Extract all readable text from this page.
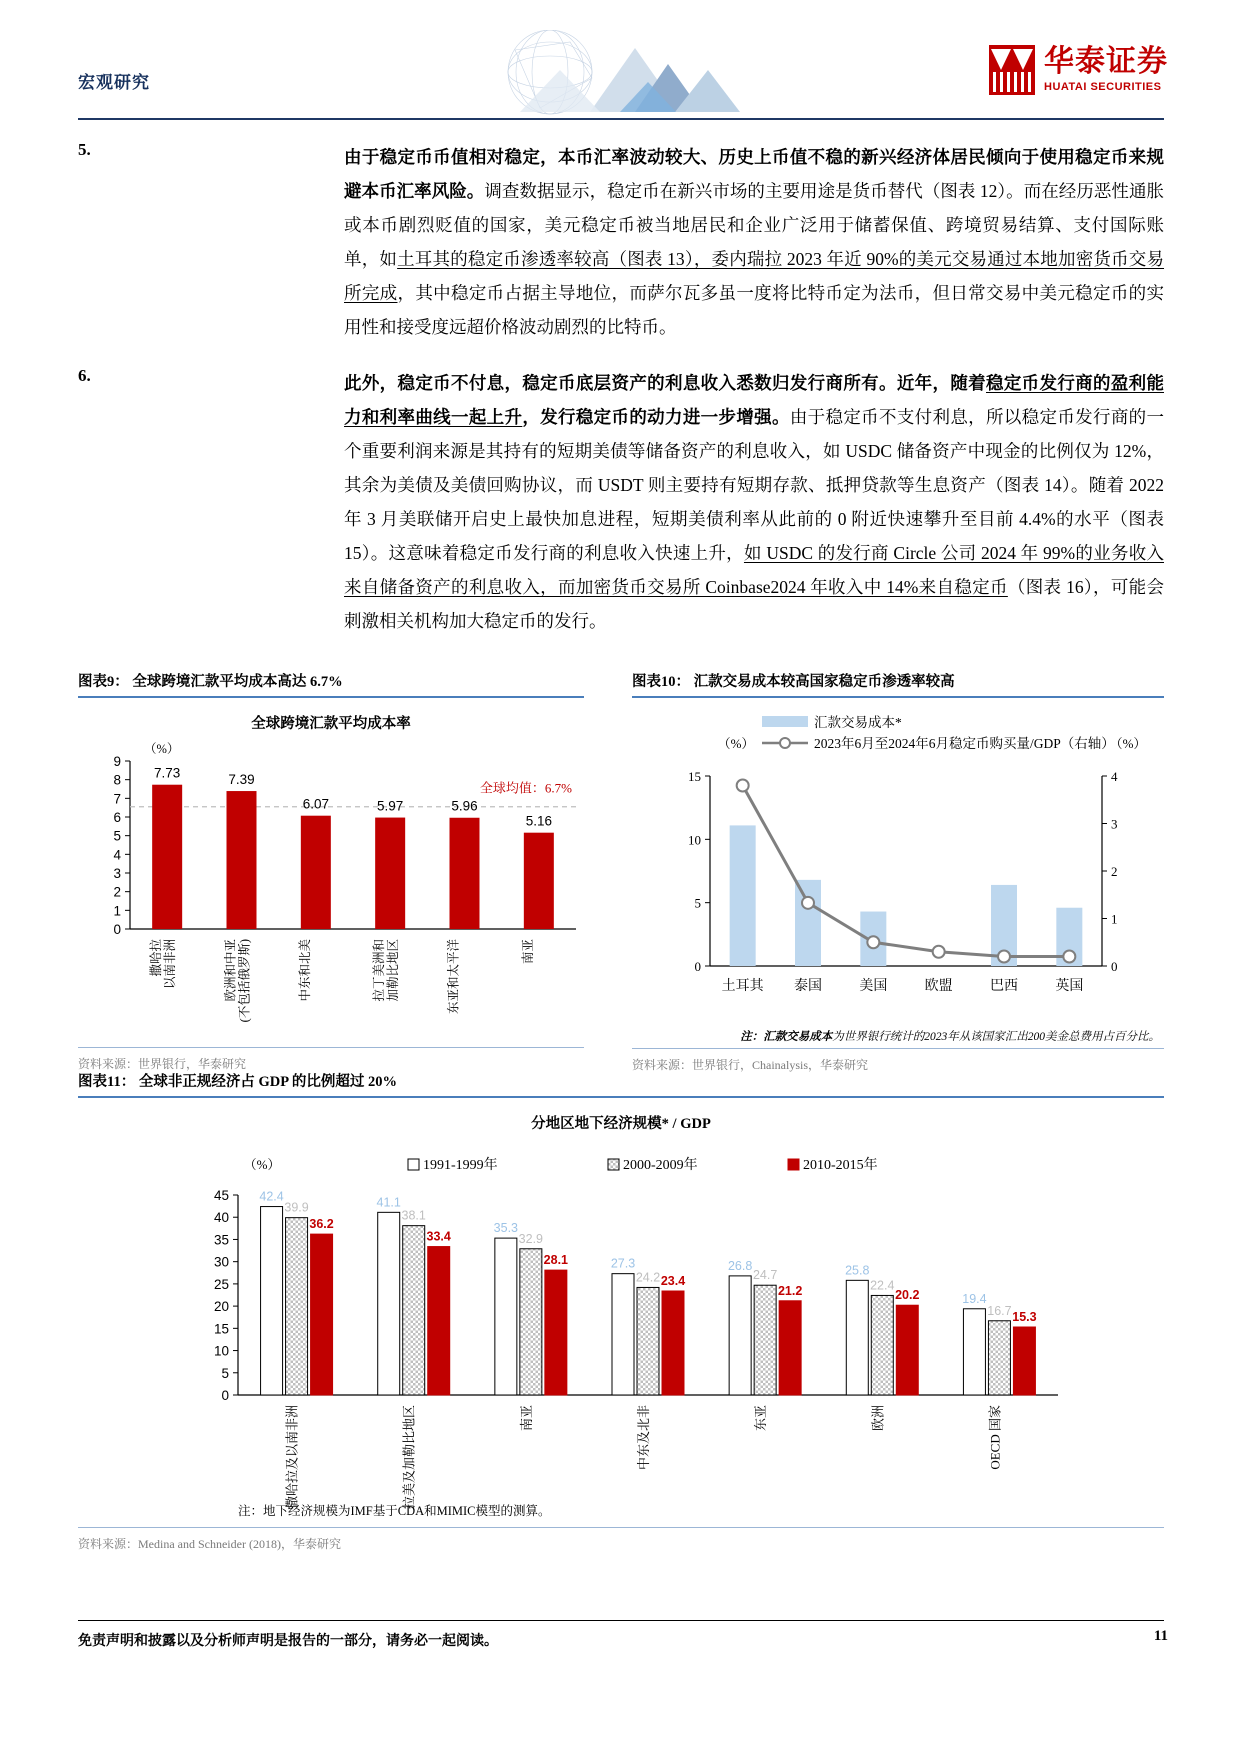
宏观研究
华泰证券
HUATAI SECURITIES
5.	由于稳定币币值相对稳定，本币汇率波动较大、历史上币值不稳的新兴经济体居民倾向于使用稳定币来规避本币汇率风险。调查数据显示，稳定币在新兴市场的主要用途是货币替代（图表 12）。而在经历恶性通胀或本币剧烈贬值的国家，美元稳定币被当地居民和企业广泛用于储蓄保值、跨境贸易结算、支付国际账单，如土耳其的稳定币渗透率较高（图表 13），委内瑞拉 2023 年近 90%的美元交易通过本地加密货币交易所完成，其中稳定币占据主导地位，而萨尔瓦多虽一度将比特币定为法币，但日常交易中美元稳定币的实用性和接受度远超价格波动剧烈的比特币。
6.	此外，稳定币不付息，稳定币底层资产的利息收入悉数归发行商所有。近年，随着稳定币发行商的盈利能力和利率曲线一起上升，发行稳定币的动力进一步增强。由于稳定币不支付利息，所以稳定币发行商的一个重要利润来源是其持有的短期美债等储备资产的利息收入，如 USDC 储备资产中现金的比例仅为 12%，其余为美债及美债回购协议，而 USDT 则主要持有短期存款、抵押贷款等生息资产（图表 14）。随着 2022 年 3 月美联储开启史上最快加息进程，短期美债利率从此前的 0 附近快速攀升至目前 4.4%的水平（图表 15）。这意味着稳定币发行商的利息收入快速上升，如 USDC 的发行商 Circle 公司 2024 年 99%的业务收入来自储备资产的利息收入，而加密货币交易所 Coinbase2024 年收入中 14%来自稳定币（图表 16），可能会刺激相关机构加大稳定币的发行。
图表9： 全球跨境汇款平均成本高达 6.7%
全球跨境汇款平均成本率
（%）
0
1
2
3
4
5
6
7
8
9
全球均值：6.7%
7.73
撒哈拉 以南非洲
7.39
欧洲和中亚 (不包括俄罗斯)
6.07
中东和北美
5.97
拉丁美洲和 加勒比地区
5.96
东亚和太平洋
5.16
南亚
资料来源：世界银行，华泰研究
图表10： 汇款交易成本较高国家稳定币渗透率较高
汇款交易成本*
2023年6月至2024年6月稳定币购买量/GDP（右轴）
（%）	（%）
0
5
10
15
0
1
2
3
4
土耳其 泰国	美国	欧盟	巴西	英国
注：汇款交易成本为世界银行统计的2023年从该国家汇出200美金总费用占百分比。
资料来源：世界银行，Chainalysis，华泰研究
图表11： 全球非正规经济占 GDP 的比例超过 20%
分地区地下经济规模* / GDP
（%）	1991-1999年	2000-2009年	2010-2015年
0
5
10
15
20
25
30
35
40
45 42.4
39.9
36.2
撒哈拉及以南非洲
41.1
38.1
33.4
拉美及加勒比地区
35.3
32.9
28.1
南亚
27.3
24.2 23.4
中东及北非
26.8
24.7
21.2
东亚
25.8
22.4
20.2
欧洲
19.4
16.7 15.3
OECD 国家
注：地下经济规模为IMF基于CDA和MIMIC模型的测算。
资料来源：Medina and Schneider (2018)，华泰研究
免责声明和披露以及分析师声明是报告的一部分，请务必一起阅读。	11
